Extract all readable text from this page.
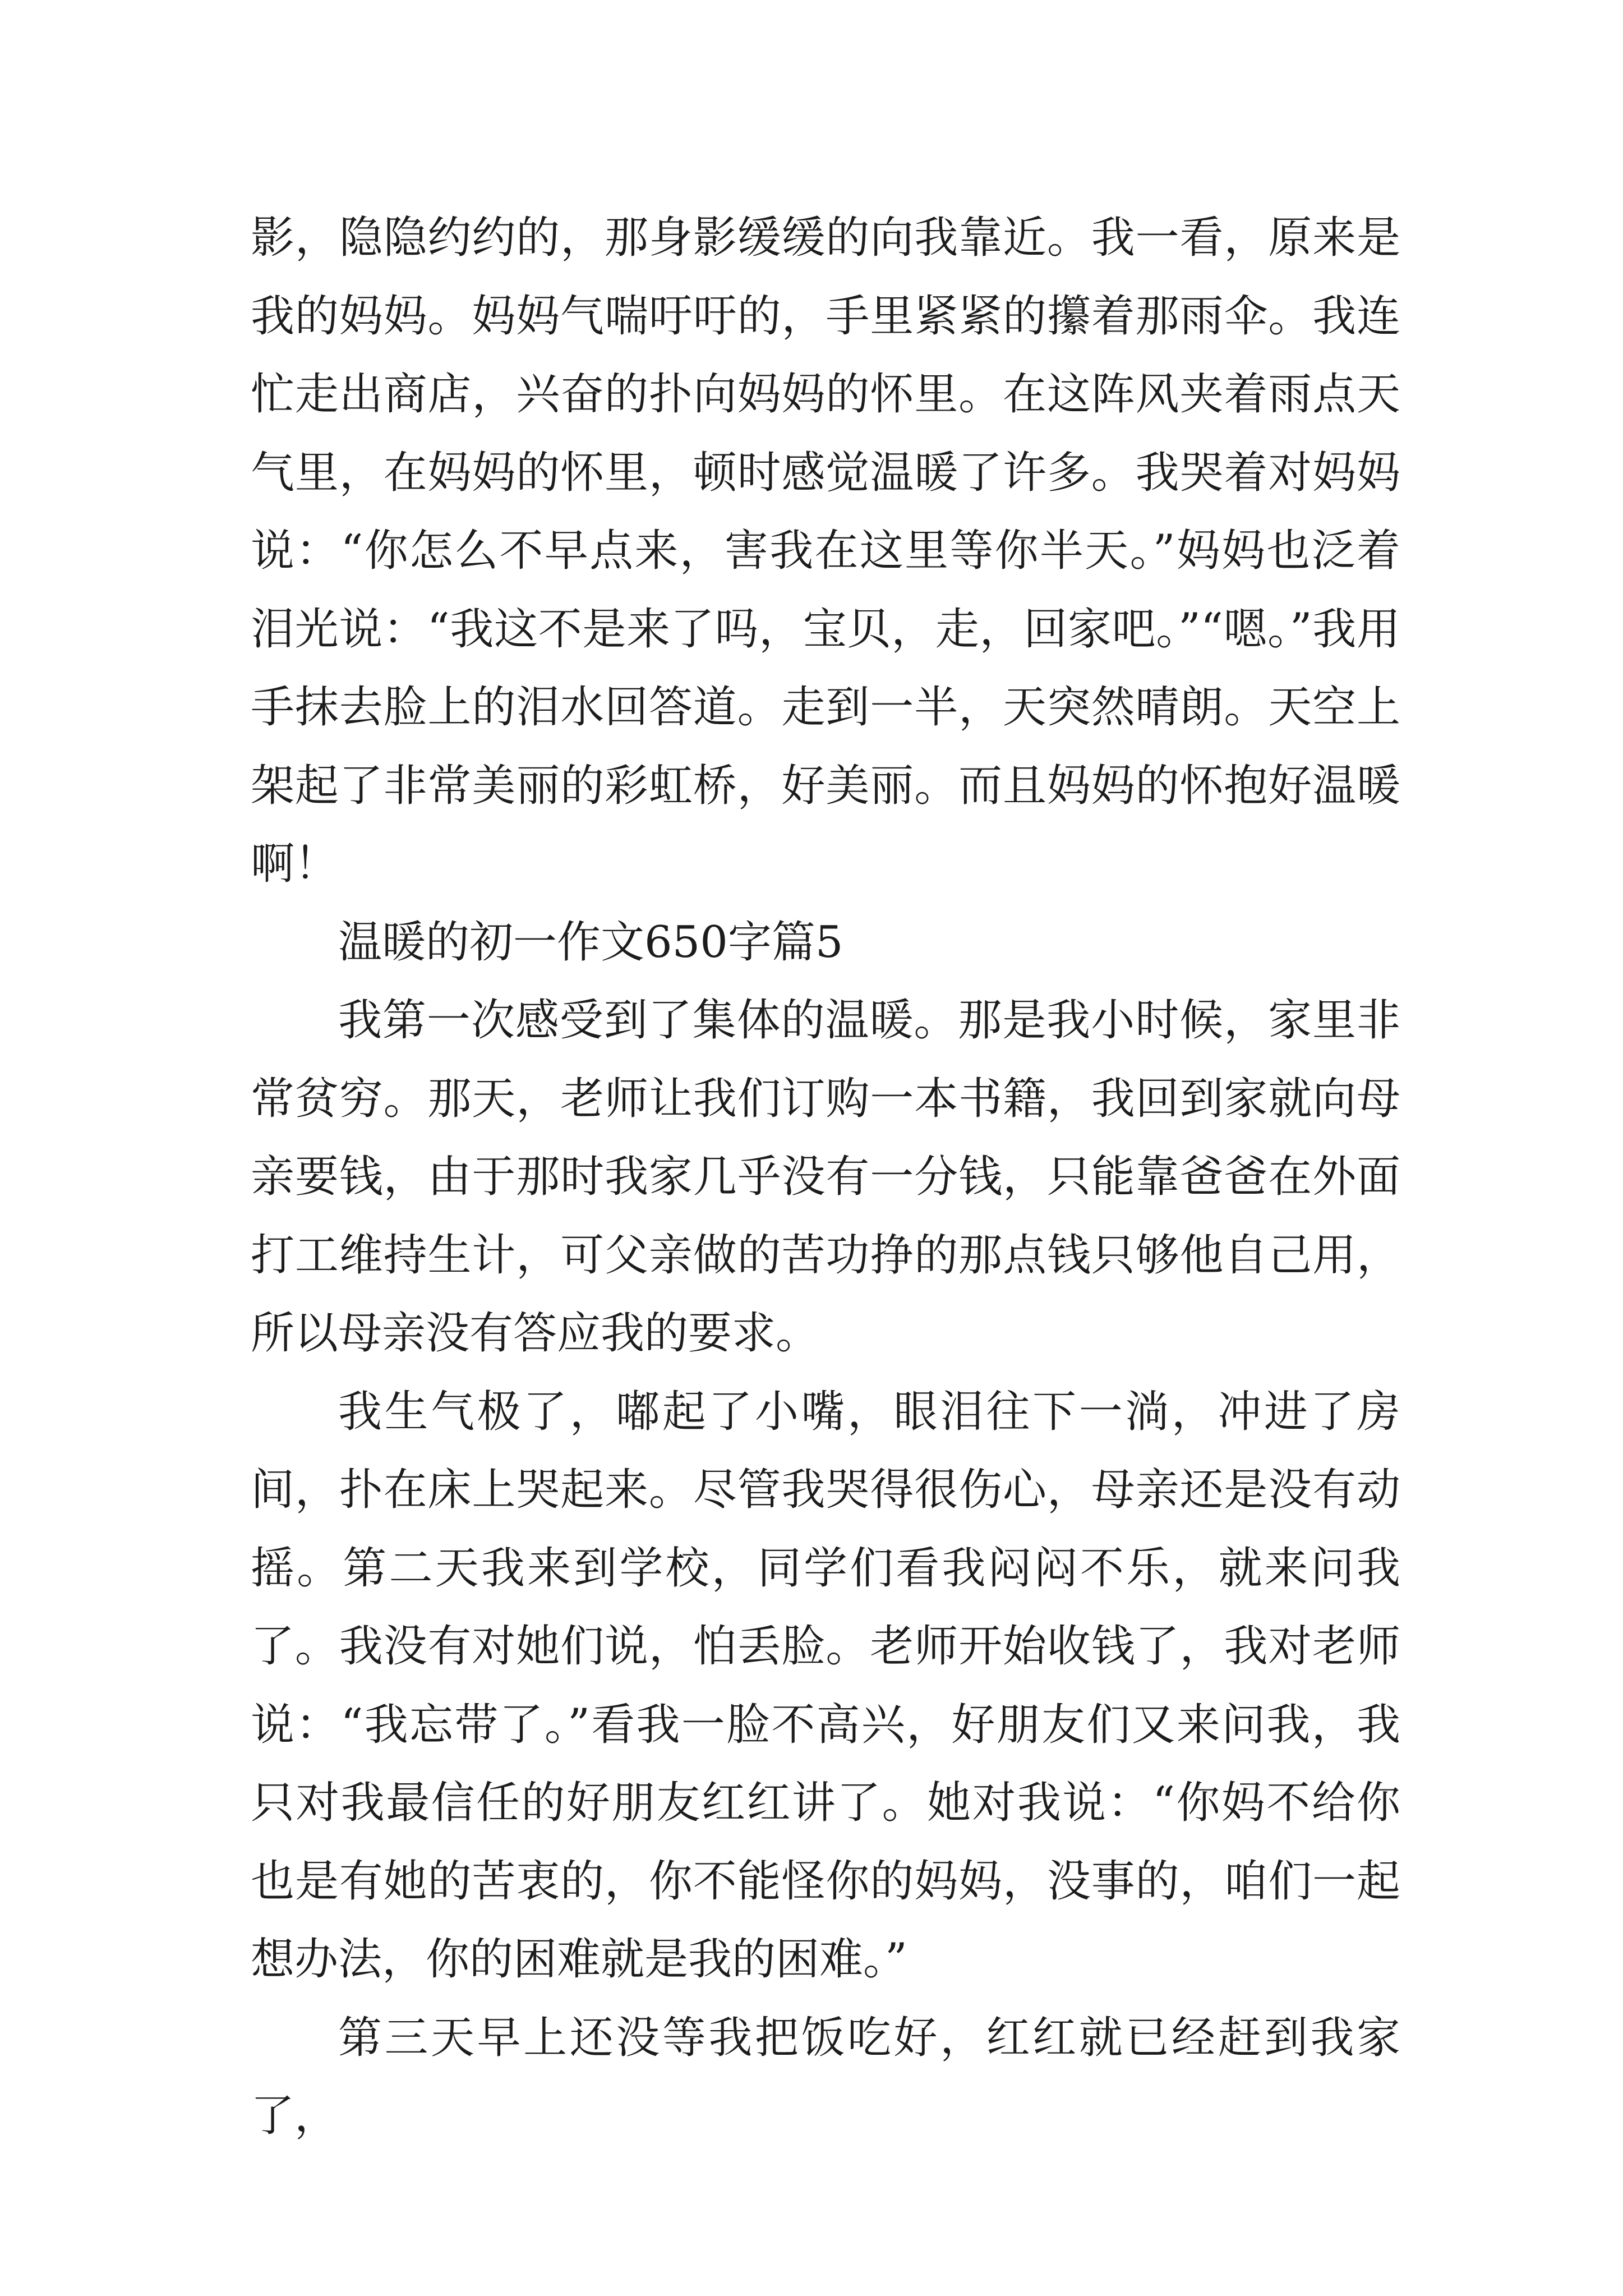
影，隐隐约约的，那身影缓缓的向我靠近。我一看，原来是我的妈妈。妈妈气喘吁吁的，手里紧紧的攥着那雨伞。我连忙走出商店，兴奋的扑向妈妈的怀里。在这阵风夹着雨点天气里，在妈妈的怀里，顿时感觉温暖了许多。我哭着对妈妈说：“你怎么不早点来，害我在这里等你半天。”妈妈也泛着泪光说：“我这不是来了吗，宝贝，走，回家吧。”“嗯。”我用手抹去脸上的泪水回答道。走到一半，天突然晴朗。天空上架起了非常美丽的彩虹桥，好美丽。而且妈妈的怀抱好温暖啊！

温暖的初一作文650字篇5

我第一次感受到了集体的温暖。那是我小时候，家里非常贫穷。那天，老师让我们订购一本书籍，我回到家就向母亲要钱，由于那时我家几乎没有一分钱，只能靠爸爸在外面打工维持生计，可父亲做的苦功挣的那点钱只够他自己用，所以母亲没有答应我的要求。

我生气极了，嘟起了小嘴，眼泪往下一淌，冲进了房间，扑在床上哭起来。尽管我哭得很伤心，母亲还是没有动摇。第二天我来到学校，同学们看我闷闷不乐，就来问我了。我没有对她们说，怕丢脸。老师开始收钱了，我对老师说：“我忘带了。”看我一脸不高兴，好朋友们又来问我，我只对我最信任的好朋友红红讲了。她对我说：“你妈不给你也是有她的苦衷的，你不能怪你的妈妈，没事的，咱们一起想办法，你的困难就是我的困难。”

第三天早上还没等我把饭吃好，红红就已经赶到我家了，
